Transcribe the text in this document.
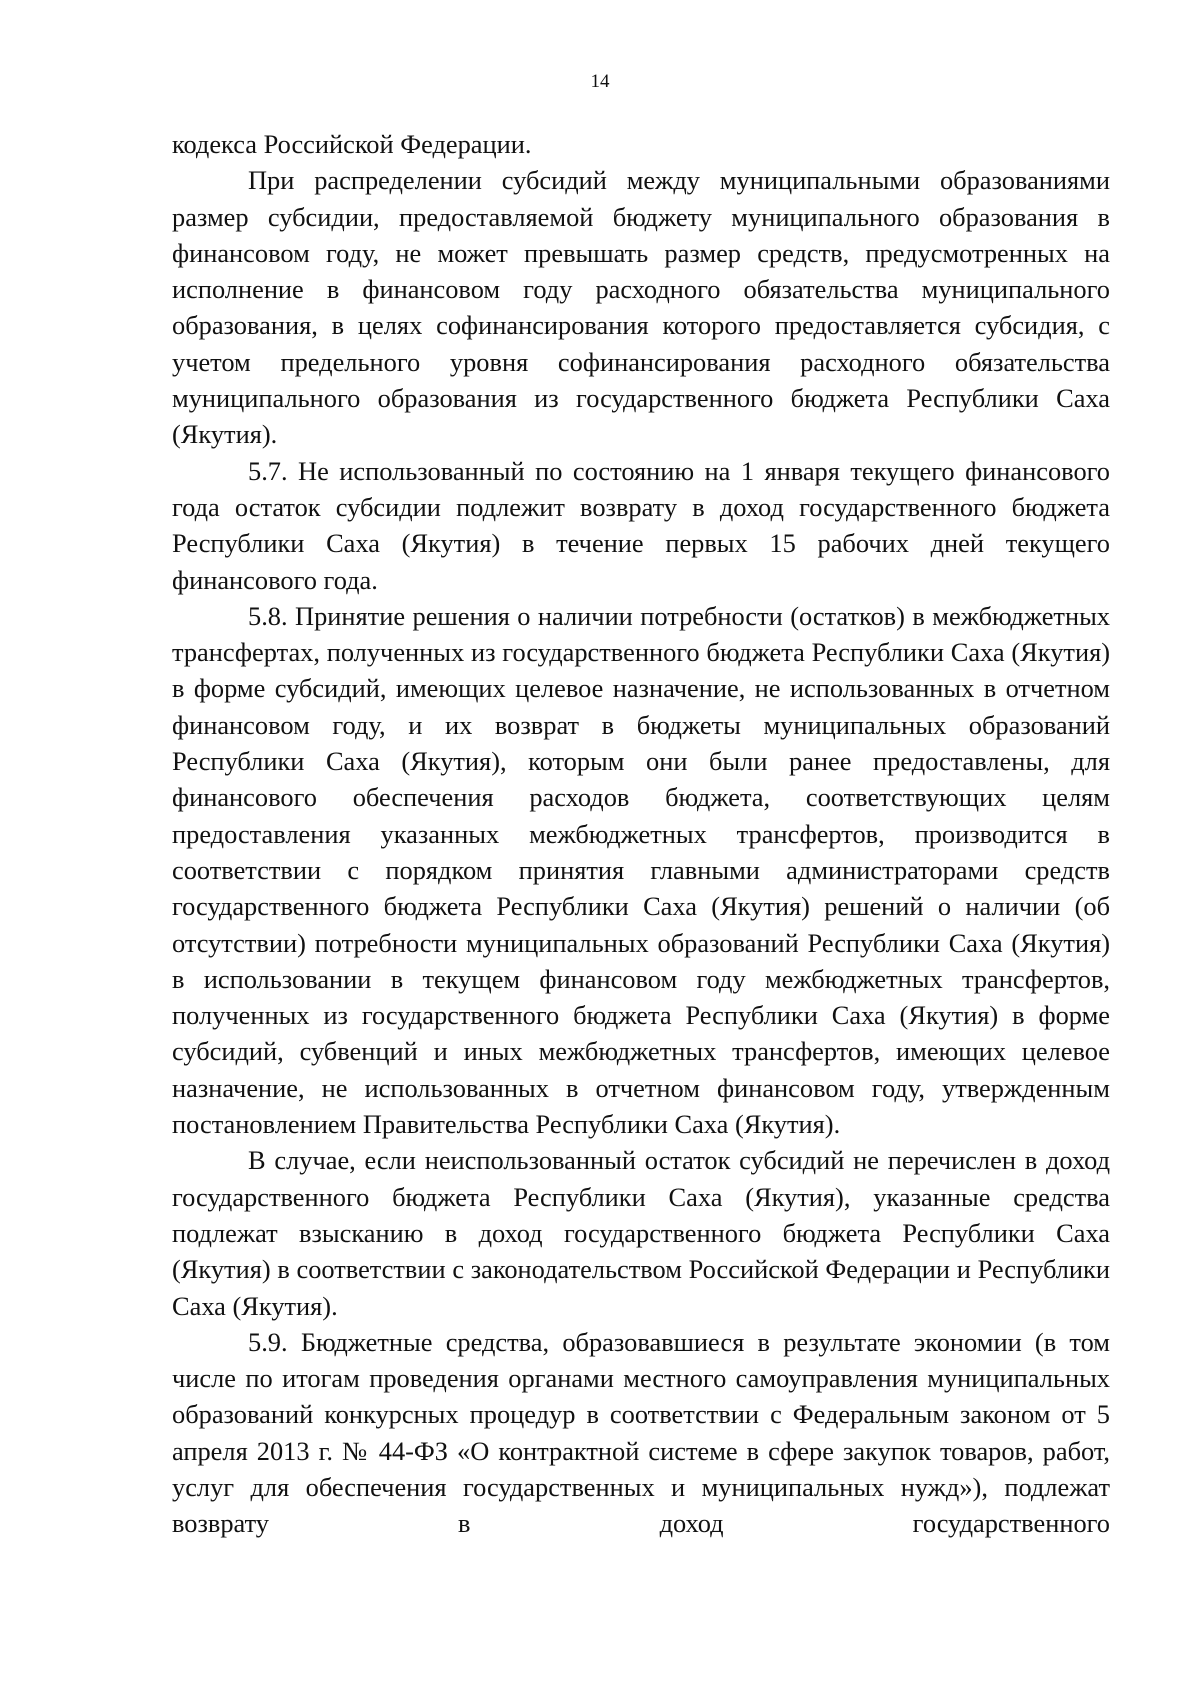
14

кодекса Российской Федерации.

При распределении субсидий между муниципальными образованиями размер субсидии, предоставляемой бюджету муниципального образования в финансовом году, не может превышать размер средств, предусмотренных на исполнение в финансовом году расходного обязательства муниципального образования, в целях софинансирования которого предоставляется субсидия, с учетом предельного уровня софинансирования расходного обязательства муниципального образования из государственного бюджета Республики Саха (Якутия).

5.7. Не использованный по состоянию на 1 января текущего финансового года остаток субсидии подлежит возврату в доход государственного бюджета Республики Саха (Якутия) в течение первых 15 рабочих дней текущего финансового года.

5.8. Принятие решения о наличии потребности (остатков) в межбюджетных трансфертах, полученных из государственного бюджета Республики Саха (Якутия) в форме субсидий, имеющих целевое назначение, не использованных в отчетном финансовом году, и их возврат в бюджеты муниципальных образований Республики Саха (Якутия), которым они были ранее предоставлены, для финансового обеспечения расходов бюджета, соответствующих целям предоставления указанных межбюджетных трансфертов, производится в соответствии с порядком принятия главными администраторами средств государственного бюджета Республики Саха (Якутия) решений о наличии (об отсутствии) потребности муниципальных образований Республики Саха (Якутия) в использовании в текущем финансовом году межбюджетных трансфертов, полученных из государственного бюджета Республики Саха (Якутия) в форме субсидий, субвенций и иных межбюджетных трансфертов, имеющих целевое назначение, не использованных в отчетном финансовом году, утвержденным постановлением Правительства Республики Саха (Якутия).

В случае, если неиспользованный остаток субсидий не перечислен в доход государственного бюджета Республики Саха (Якутия), указанные средства подлежат взысканию в доход государственного бюджета Республики Саха (Якутия) в соответствии с законодательством Российской Федерации и Республики Саха (Якутия).

5.9. Бюджетные средства, образовавшиеся в результате экономии (в том числе по итогам проведения органами местного самоуправления муниципальных образований конкурсных процедур в соответствии с Федеральным законом от 5 апреля 2013 г. № 44-ФЗ «О контрактной системе в сфере закупок товаров, работ, услуг для обеспечения государственных и муниципальных нужд»), подлежат возврату в доход государственного
